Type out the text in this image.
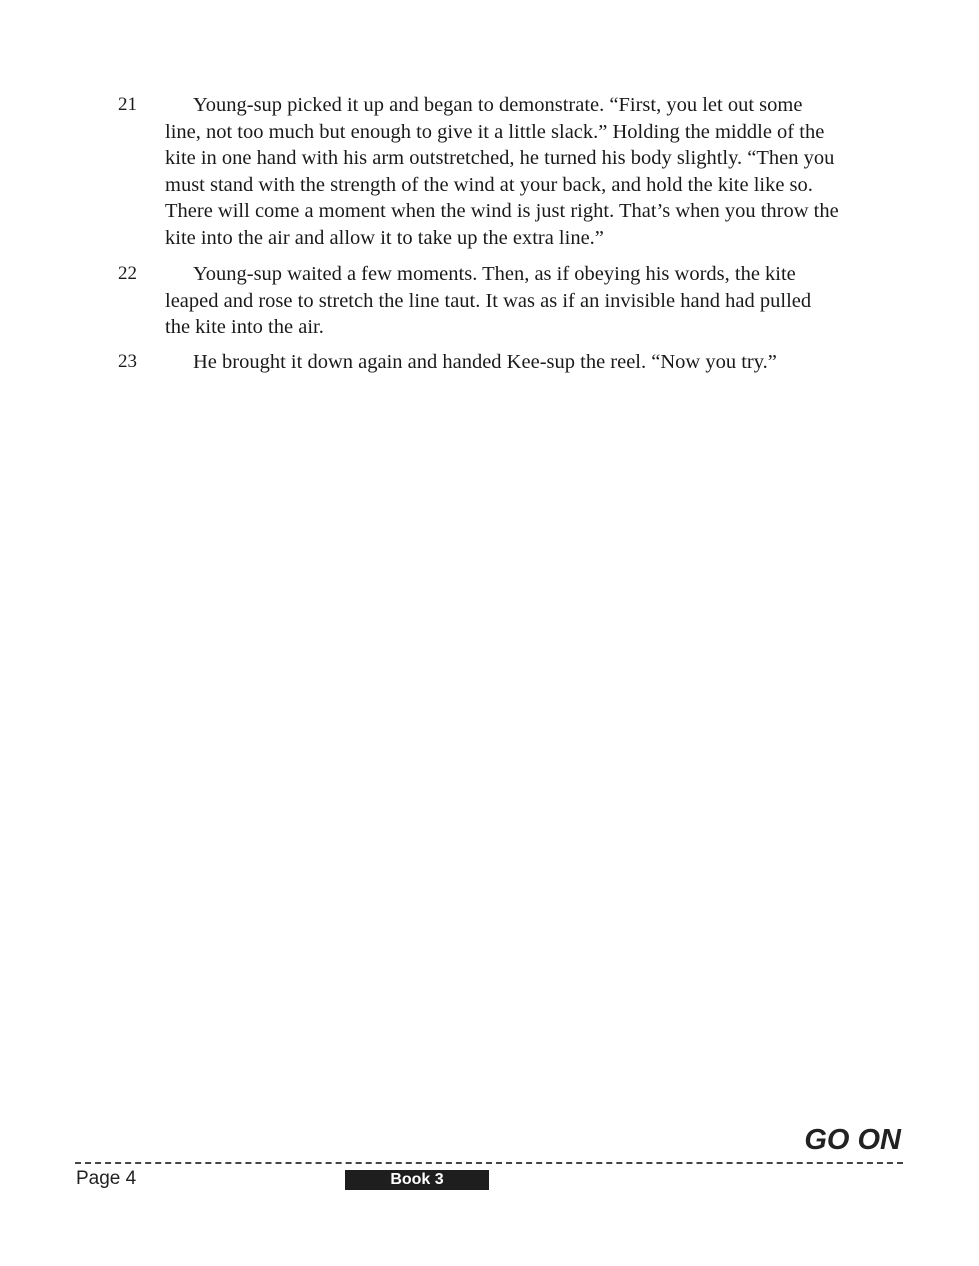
21	Young-sup picked it up and began to demonstrate. “First, you let out some
line, not too much but enough to give it a little slack.” Holding the middle of the
kite in one hand with his arm outstretched, he turned his body slightly. “Then you
must stand with the strength of the wind at your back, and hold the kite like so.
There will come a moment when the wind is just right. That’s when you throw the
kite into the air and allow it to take up the extra line.”
22	Young-sup waited a few moments. Then, as if obeying his words, the kite
leaped and rose to stretch the line taut. It was as if an invisible hand had pulled
the kite into the air.
23	He brought it down again and handed Kee-sup the reel. “Now you try.”
GO ON
Page 4	Book 3
